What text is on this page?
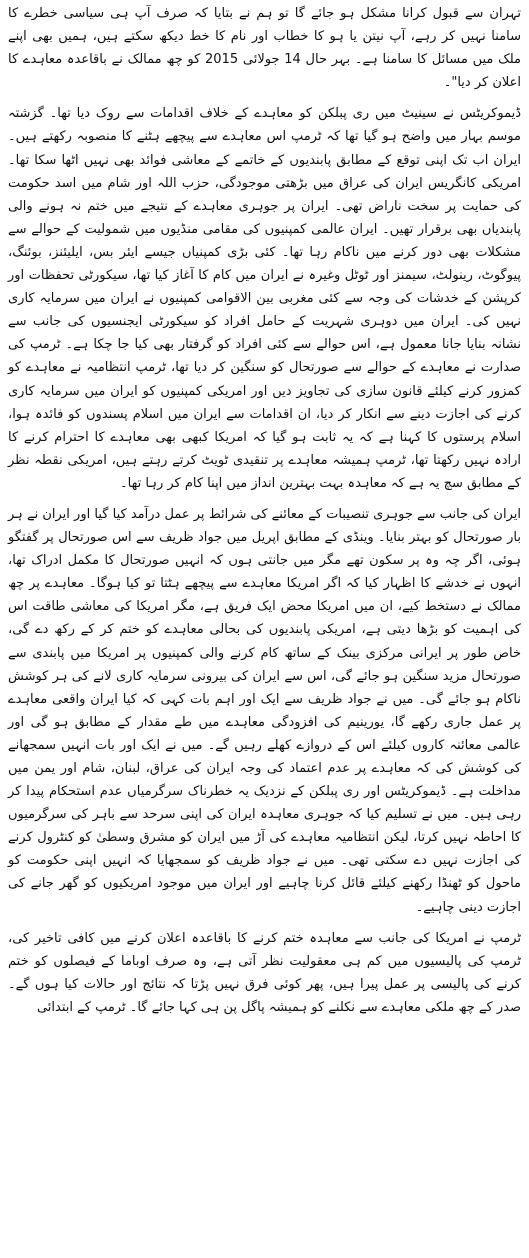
تہران سے قبول کرانا مشکل ہو جائے گا تو ہم نے بتایا کہ صرف آپ ہی سیاسی خطرے کا سامنا نہیں کر رہے، آپ نیتن یا ہو کا خطاب اور نام کا خط دیکھ سکتے ہیں، ہمیں بھی اپنے ملک میں مسائل کا سامنا ہے۔ بہر حال 14 جولائی 2015 کو چھ ممالک نے باقاعدہ معاہدے کا اعلان کر دیا"۔

ڈیموکریٹس نے سینیٹ میں ری پبلکن کو معاہدے کے خلاف اقدامات سے روک دیا تھا۔ گزشتہ موسم بہار میں واضح ہو گیا تھا کہ ٹرمپ اس معاہدے سے پیچھے ہٹنے کا منصوبہ رکھتے ہیں۔ ایران اب تک اپنی توقع کے مطابق پابندیوں کے خاتمے کے معاشی فوائد بھی نہیں اٹھا سکا تھا۔ امریکی کانگریس ایران کی عراق میں بڑھتی موجودگی، حزب اللہ اور شام میں اسد حکومت کی حمایت پر سخت ناراض تھی۔ ایران پر جوہری معاہدے کے نتیجے میں ختم نہ ہونے والی پابندیاں بھی برقرار تھیں۔ ایران عالمی کمپنیوں کی مقامی منڈیوں میں شمولیت کے حوالے سے مشکلات بھی دور کرنے میں ناکام رہا تھا۔ کئی بڑی کمپنیاں جیسے ایئر بس، ایلیئنز، بوئنگ، پیوگوٹ، رینولٹ، سیمنز اور ٹوٹل وغیرہ نے ایران میں کام کا آغاز کیا تھا، سیکورٹی تحفظات اور کرپشن کے خدشات کی وجہ سے کئی مغربی بین الاقوامی کمپنیوں نے ایران میں سرمایہ کاری نہیں کی۔ ایران میں دوہری شہریت کے حامل افراد کو سیکورٹی ایجنسیوں کی جانب سے نشانہ بنایا جانا معمول ہے، اس حوالے سے کئی افراد کو گرفتار بھی کیا جا چکا ہے۔ ٹرمپ کی صدارت نے معاہدے کے حوالے سے صورتحال کو سنگین کر دیا تھا، ٹرمپ انتظامیہ نے معاہدے کو کمزور کرنے کیلئے قانون سازی کی تجاویز دیں اور امریکی کمپنیوں کو ایران میں سرمایہ کاری کرنے کی اجازت دینے سے انکار کر دیا، ان اقدامات سے ایران میں اسلام پسندوں کو فائدہ ہوا، اسلام پرستوں کا کہنا ہے کہ یہ ثابت ہو گیا کہ امریکا کبھی بھی معاہدے کا احترام کرنے کا ارادہ نہیں رکھتا تھا، ٹرمپ ہمیشہ معاہدے پر تنقیدی ٹویٹ کرتے رہتے ہیں، امریکی نقطہ نظر کے مطابق سچ یہ ہے کہ معاہدہ بہت بہترین انداز میں اپنا کام کر رہا تھا۔

ایران کی جانب سے جوہری تنصیبات کے معائنے کی شرائط پر عمل درآمد کیا گیا اور ایران نے ہر بار صورتحال کو بہتر بنایا۔ وینڈی کے مطابق اپریل میں جواد ظریف سے اس صورتحال پر گفتگو ہوئی، اگر چہ وہ پر سکون تھے مگر میں جانتی ہوں کہ انہیں صورتحال کا مکمل ادراک تھا، انہوں نے خدشے کا اظہار کیا کہ اگر امریکا معاہدے سے پیچھے ہٹتا تو کیا ہوگا۔ معاہدے پر چھ ممالک نے دستخط کیے، ان میں امریکا محض ایک فریق ہے، مگر امریکا کی معاشی طاقت اس کی اہمیت کو بڑھا دیتی ہے، امریکی پابندیوں کی بحالی معاہدے کو ختم کر کے رکھ دے گی، خاص طور پر ایرانی مرکزی بینک کے ساتھ کام کرنے والی کمپنیوں پر امریکا میں پابندی سے صورتحال مزید سنگین ہو جائے گی، اس سے ایران کی بیرونی سرمایہ کاری لانے کی ہر کوشش ناکام ہو جائے گی۔ میں نے جواد ظریف سے ایک اور اہم بات کہی کہ کیا ایران واقعی معاہدے پر عمل جاری رکھے گا، یورینیم کی افزودگی معاہدے میں طے مقدار کے مطابق ہو گی اور عالمی معائنہ کاروں کیلئے اس کے دروازے کھلے رہیں گے۔ میں نے ایک اور بات انہیں سمجھانے کی کوشش کی کہ معاہدے پر عدم اعتماد کی وجہ ایران کی عراق، لبنان، شام اور یمن میں مداخلت ہے۔ ڈیموکریٹس اور ری پبلکن کے نزدیک یہ خطرناک سرگرمیاں عدم استحکام پیدا کر رہی ہیں۔ میں نے تسلیم کیا کہ جوہری معاہدہ ایران کی اپنی سرحد سے باہر کی سرگرمیوں کا احاطہ نہیں کرتا، لیکن انتظامیہ معاہدے کی آڑ میں ایران کو مشرق وسطیٰ کو کنٹرول کرنے کی اجازت نہیں دے سکتی تھی۔ میں نے جواد ظریف کو سمجھایا کہ انہیں اپنی حکومت کو ماحول کو ٹھنڈا رکھنے کیلئے قائل کرنا چاہیے اور ایران میں موجود امریکیوں کو گھر جانے کی اجازت دینی چاہیے۔

ٹرمپ نے امریکا کی جانب سے معاہدہ ختم کرنے کا باقاعدہ اعلان کرنے میں کافی تاخیر کی، ٹرمپ کی پالیسیوں میں کم ہی معقولیت نظر آتی ہے، وہ صرف اوباما کے فیصلوں کو ختم کرنے کی پالیسی پر عمل پیرا ہیں، پھر کوئی فرق نہیں پڑتا کہ نتائج اور حالات کیا ہوں گے۔ صدر کے چھ ملکی معاہدے سے نکلنے کو ہمیشہ پاگل پن ہی کہا جائے گا۔ ٹرمپ کے ابتدائی
